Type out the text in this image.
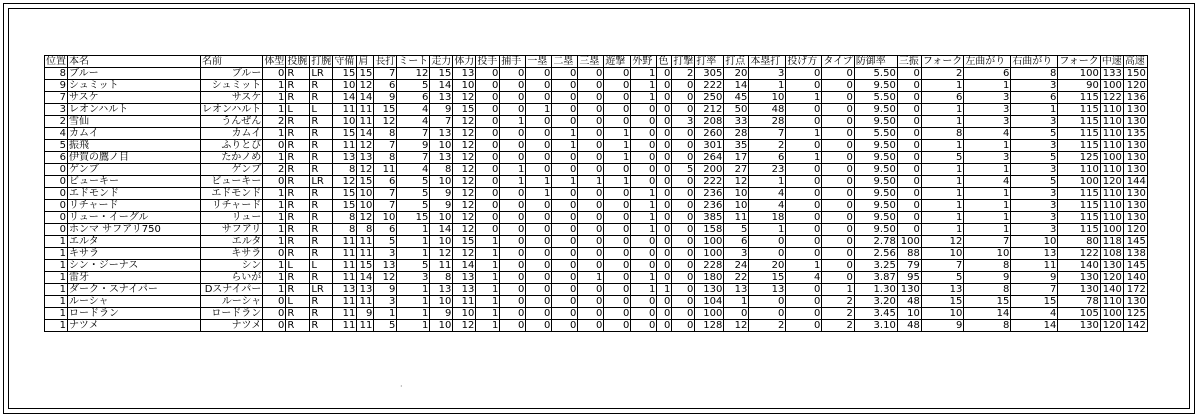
位置	本名	名前	体型	投腕	打腕	守備	肩	長打	ミート	走力	体力	投手	捕手	一塁	二塁	三塁	遊撃	外野	色	打撃	打率	打点	本塁打	投げ方	タイプ	防御率	三振	フォーク	左曲がり	右曲がり	フォーク	中速	高速
8	ブルー	ブルー	0	R	LR	15	15	7	12	15	13	0	0	0	0	0	0	1	0	2	305	20	3	0	0	5.50	0	2	6	8	100	133	150
9	シュミット	シュミット	1	R	R	10	12	6	5	14	10	0	0	0	0	0	0	1	0	0	222	14	1	0	0	9.50	0	1	1	3	90	100	120
7	サスケ	サスケ	1	R	R	14	14	9	6	13	12	0	0	0	0	0	0	1	0	0	250	45	10	1	0	5.50	0	6	3	6	115	122	136
3	レオンハルト	レオンハルト	1	L	L	11	11	15	4	9	15	0	0	1	0	0	0	0	0	0	212	50	48	0	0	9.50	0	1	3	1	115	110	130
2	雪仙	うんぜん	2	R	R	10	11	12	4	7	12	0	1	0	0	0	0	0	0	3	208	33	28	0	0	9.50	0	1	3	3	115	110	130
4	カムイ	カムイ	1	R	R	15	14	8	7	13	12	0	0	0	1	0	1	0	0	0	260	28	7	1	0	5.50	0	8	4	5	115	110	135
5	振飛	ふりとび	0	R	R	11	12	7	9	10	12	0	0	0	1	0	1	0	0	0	301	35	2	0	0	9.50	0	1	1	3	115	110	130
6	伊賀の鷹ノ目	たかノめ	1	R	R	13	13	8	7	13	12	0	0	0	0	0	1	0	0	0	264	17	6	1	0	9.50	0	5	3	5	125	100	130
0	ゲンブ	ゲンブ	2	R	R	8	12	11	4	8	12	0	1	0	0	0	0	0	0	5	200	27	23	0	0	9.50	0	1	1	3	110	110	130
0	ビューキー	ビューキー	0	R	LR	12	15	6	5	10	12	0	1	1	1	1	1	0	0	0	222	12	1	0	0	9.50	0	1	4	5	100	120	144
0	エドモンド	エドモンド	1	R	R	15	10	7	5	9	12	0	0	1	0	0	0	1	0	0	236	10	4	0	0	9.50	0	1	1	3	115	110	130
0	リチャード	リチャード	1	R	R	15	10	7	5	9	12	0	0	0	0	0	0	1	0	0	236	10	4	0	0	9.50	0	1	1	3	115	110	130
0	リュー・イーグル	リュー	1	R	R	8	12	10	15	10	12	0	0	0	0	0	0	1	0	0	385	11	18	0	0	9.50	0	1	1	3	115	110	130
0	ホンマ サフアリ750	サフアリ	1	R	R	8	8	6	1	14	12	0	0	0	0	0	0	1	0	0	158	5	1	0	0	9.50	0	1	1	3	115	100	120
1	エルタ	エルタ	1	R	R	11	11	5	1	10	15	1	0	0	0	0	0	0	0	0	100	6	0	0	0	2.78	100	12	7	10	80	118	145
1	キサラ	キサラ	0	R	R	11	11	3	1	12	12	1	0	0	0	0	0	0	0	0	100	3	0	0	0	2.56	88	10	10	13	122	108	138
1	シン・ジーナス	シン	1	L	L	11	15	13	5	11	14	1	0	0	0	0	0	0	0	0	228	24	20	1	0	3.25	79	7	8	11	140	130	145
1	雷牙	らいが	1	R	R	11	14	12	3	8	13	1	0	0	0	1	0	1	0	0	180	22	15	4	0	3.87	95	5	9	9	130	120	140
1	ダーク・スナイパー	Dスナイパー	1	R	LR	13	13	9	1	13	13	1	0	0	0	0	0	1	1	0	130	13	13	0	1	1.30	130	13	8	7	130	140	172
1	ルーシャ	ルーシャ	0	L	R	11	11	3	1	10	11	1	0	0	0	0	0	0	0	0	104	1	0	0	2	3.20	48	15	15	15	78	110	130
1	ロードラン	ロードラン	0	R	R	11	9	1	1	9	10	1	0	0	0	0	0	0	0	0	100	0	0	0	2	3.45	10	10	14	4	105	100	125
1	ナツメ	ナツメ	0	R	R	11	11	5	1	10	12	1	0	0	0	0	0	0	0	0	128	12	2	0	2	3.10	48	9	8	14	130	120	142
·
